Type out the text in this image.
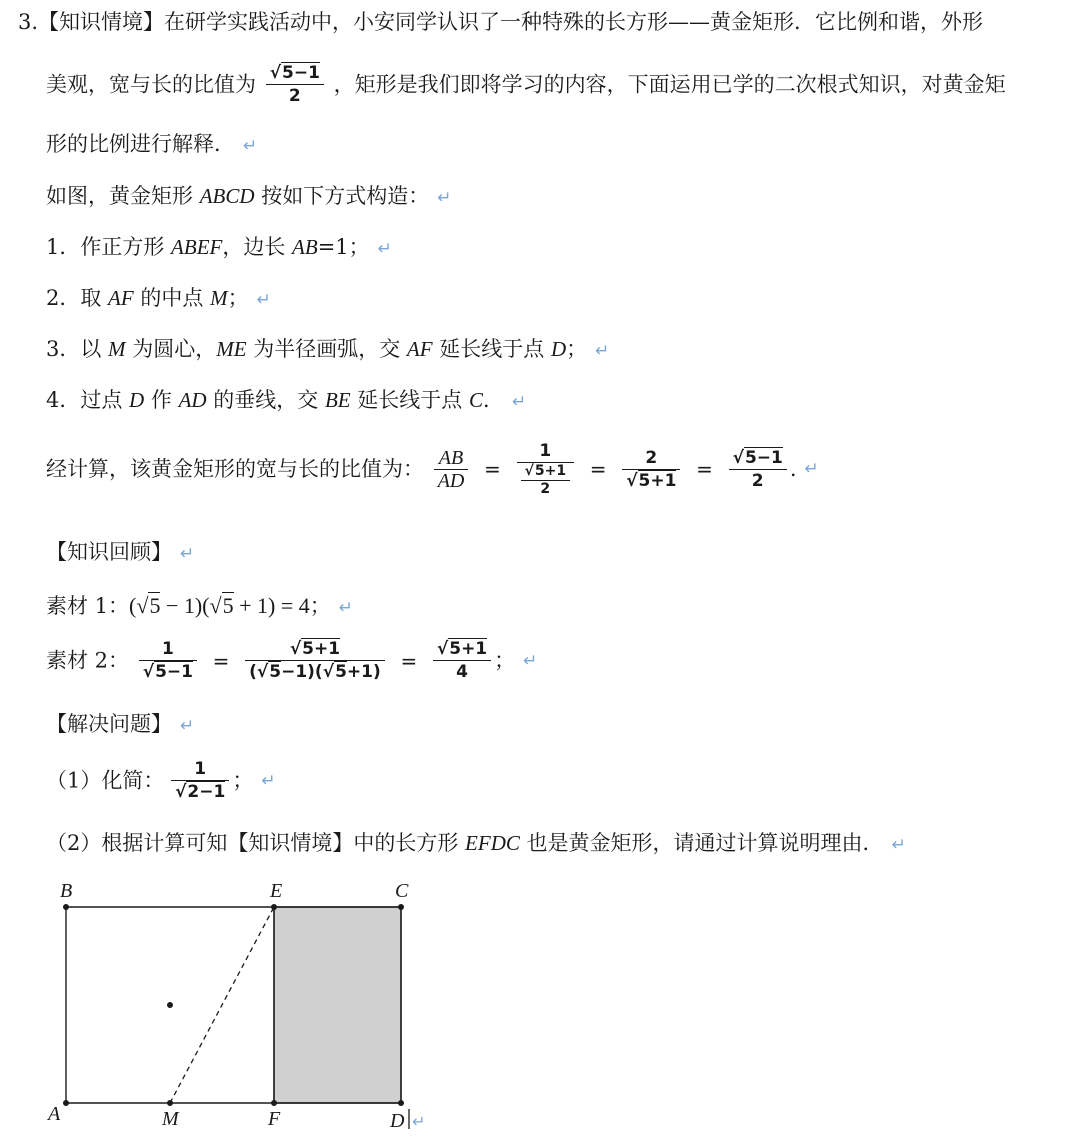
3.【知识情境】在研学实践活动中，小安同学认识了一种特殊的长方形——黄金矩形．它比例和谐，外形
美观，宽与长的比值为 $\frac{√5-1}{2}$ ，矩形是我们即将学习的内容，下面运用已学的二次根式知识，对黄金矩
形的比例进行解释． ↵
如图，黄金矩形 ABCD 按如下方式构造： ↵
1．作正方形 ABEF，边长 AB=1； ↵
2．取 AF 的中点 M； ↵
3．以 M 为圆心，ME 为半径画弧，交 AF 延长线于点 D； ↵
4．过点 D 作 AD 的垂线，交 BE 延长线于点 C． ↵
经计算，该黄金矩形的宽与长的比值为： $\frac{AB}{AD} = \frac{1}{\frac{√5+1}{2}} = \frac{2}{√5+1} = \frac{√5-1}{2}$ . ↵
【知识回顾】 ↵
素材 1：(√5 − 1)(√5 + 1) = 4； ↵
素材 2： $\frac{1}{√5-1} = \frac{√5+1}{(√5-1)(√5+1)} = \frac{√5+1}{4}$ ； ↵
【解决问题】 ↵
（1）化简： $\frac{1}{√2-1}$ ； ↵
（2）根据计算可知【知识情境】中的长方形 EFDC 也是黄金矩形，请通过计算说明理由． ↵
B	E	C
A	M	F	D ↵
